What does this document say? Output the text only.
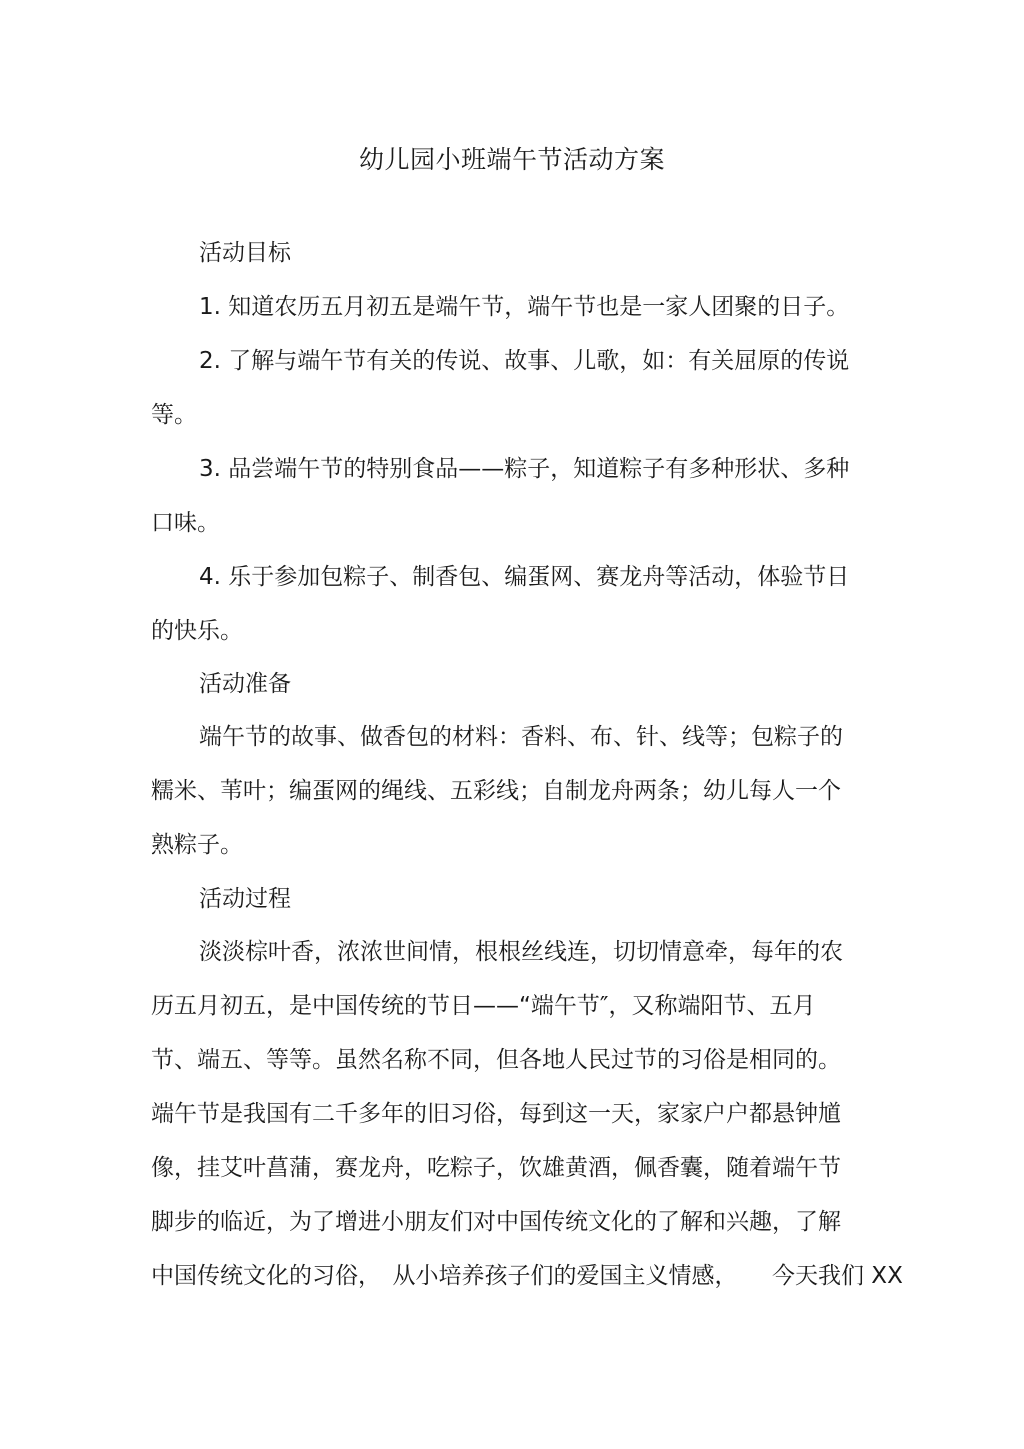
幼儿园小班端午节活动方案
活动目标
1. 知道农历五月初五是端午节，端午节也是一家人团聚的日子。
2. 了解与端午节有关的传说、故事、儿歌，如：有关屈原的传说
等。
3. 品尝端午节的特别食品——粽子，知道粽子有多种形状、多种
口味。
4. 乐于参加包粽子、制香包、编蛋网、赛龙舟等活动，体验节日
的快乐。
活动准备
端午节的故事、做香包的材料：香料、布、针、线等；包粽子的
糯米、苇叶；编蛋网的绳线、五彩线；自制龙舟两条；幼儿每人一个
熟粽子。
活动过程
淡淡棕叶香，浓浓世间情，根根丝线连，切切情意牵，每年的农
历五月初五，是中国传统的节日——“端午节″，又称端阳节、五月
节、端五、等等。虽然名称不同，但各地人民过节的习俗是相同的。
端午节是我国有二千多年的旧习俗，每到这一天，家家户户都悬钟馗
像，挂艾叶菖蒲，赛龙舟，吃粽子，饮雄黄酒，佩香囊，随着端午节
脚步的临近，为了增进小朋友们对中国传统文化的了解和兴趣，了解
中国传统文化的习俗，　从小培养孩子们的爱国主义情感，　　今天我们 XX
